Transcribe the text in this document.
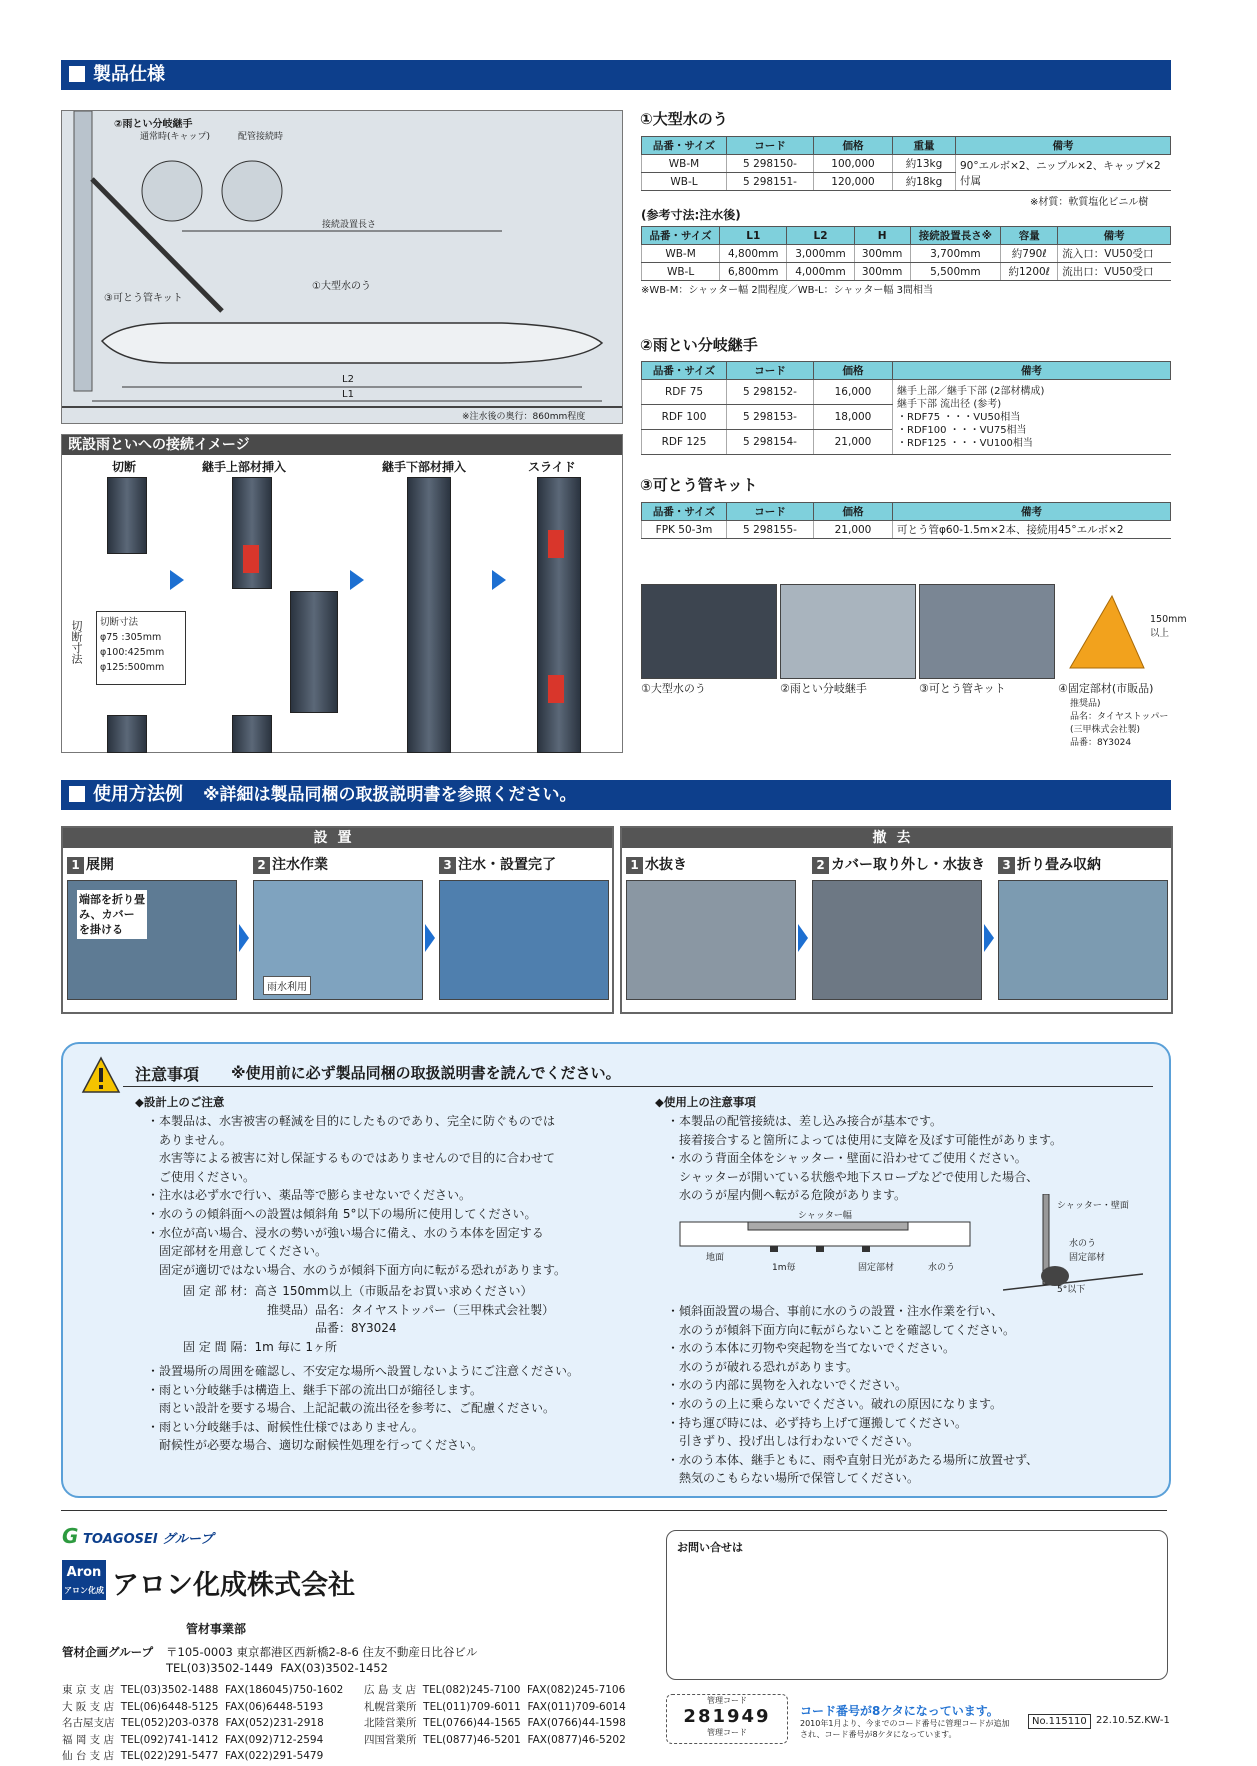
製品仕様
②雨とい分岐継手
通常時(キャップ)	配管接続時
接続設置長さ
③可とう管キット
①大型水のう
L2
L1
※注水後の奥行：860mm程度
既設雨といへの接続イメージ
切断	継手上部材挿入	継手下部材挿入	スライド
切断寸法 切断寸法
φ75 :305mm
φ100:425mm
φ125:500mm
①大型水のう
品番・サイズ	コード	価格	重量	備考
WB-M	5 298150-	100,000	約13kg	90°エルボ×2、ニップル×2、キャップ×2付属
WB-L	5 298151-	120,000	約18kg	
※材質：軟質塩化ビニル樹
(参考寸法:注水後)
品番・サイズ	L1	L2	H	接続設置長さ※	容量	備考
WB-M	4,800mm	3,000mm	300mm	3,700mm	約790ℓ	流入口：VU50受口
WB-L	6,800mm	4,000mm	300mm	5,500mm	約1200ℓ	流出口：VU50受口
※WB-M：シャッター幅 2間程度／WB-L：シャッター幅 3間相当
②雨とい分岐継手
品番・サイズ	コード	価格	備考
RDF 75	5 298152-	16,000	継手上部／継手下部 (2部材構成)
継手下部 流出径 (参考)
・RDF75 ・・・VU50相当
・RDF100 ・・・VU75相当
・RDF125 ・・・VU100相当

RDF 100	5 298153-	18,000	
RDF 125	5 298154-	21,000	
③可とう管キット
品番・サイズ	コード	価格	備考
FPK 50-3m	5 298155-	21,000	可とう管φ60-1.5m×2本、接続用45°エルボ×2
150mm以上
①大型水のう	②雨とい分岐継手	③可とう管キット	④固定部材(市販品)
推奨品)
品名：タイヤストッパー
(三甲株式会社製)
品番：8Y3024
使用方法例 ※詳細は製品同梱の取扱説明書を参照ください。
設置
1 展開	2 注水作業	3 注水・設置完了
端部を折り畳み、カバーを掛ける
雨水利用
撤去
1 水抜き	2 カバー取り外し・水抜き	3 折り畳み収納
注意事項 ※使用前に必ず製品同梱の取扱説明書を読んでください。
◆設計上のご注意
・本製品は、水害被害の軽減を目的にしたものであり、完全に防ぐものでは
　ありません。
　水害等による被害に対し保証するものではありませんので目的に合わせて
　ご使用ください。
・注水は必ず水で行い、薬品等で膨らませないでください。
・水のうの傾斜面への設置は傾斜角 5°以下の場所に使用してください。
・水位が高い場合、浸水の勢いが強い場合に備え、水のう本体を固定する
　固定部材を用意してください。
　固定が適切ではない場合、水のうが傾斜下面方向に転がる恐れがあります。
　　　固 定 部 材：高さ 150mm以上（市販品をお買い求めください）
　　　　　　　　　　推奨品）品名：タイヤストッパー（三甲株式会社製）
　　　　　　　　　　　　　　品番：8Y3024
　　　固 定 間 隔：1m 毎に 1ヶ所
・設置場所の周囲を確認し、不安定な場所へ設置しないようにご注意ください。
・雨とい分岐継手は構造上、継手下部の流出口が縮径します。
　雨とい設計を要する場合、上記記載の流出径を参考に、ご配慮ください。
・雨とい分岐継手は、耐候性仕様ではありません。
　耐候性が必要な場合、適切な耐候性処理を行ってください。
◆使用上の注意事項
・本製品の配管接続は、差し込み接合が基本です。
　接着接合すると箇所によっては使用に支障を及ぼす可能性があります。
・水のう背面全体をシャッター・壁面に沿わせてご使用ください。
　シャッターが開いている状態や地下スロープなどで使用した場合、
　水のうが屋内側へ転がる危険があります。
シャッター幅
地面
1m毎	固定部材	水のう
シャッター・壁面
水のう
固定部材
5°以下
・傾斜面設置の場合、事前に水のうの設置・注水作業を行い、
　水のうが傾斜下面方向に転がらないことを確認してください。
・水のう本体に刃物や突起物を当てないでください。
　水のうが破れる恐れがあります。
・水のう内部に異物を入れないでください。
・水のうの上に乗らないでください。破れの原因になります。
・持ち運び時には、必ず持ち上げて運搬してください。
　引きずり、投げ出しは行わないでください。
・水のう本体、継手ともに、雨や直射日光があたる場所に放置せず、
　熱気のこもらない場所で保管してください。
G TOAGOSEI グループ
Aron
アロン化成 アロン化成株式会社
管材事業部
管材企画グループ 〒105-0003 東京都港区西新橋2-8-6 住友不動産日比谷ビル
TEL(03)3502-1449  FAX(03)3502-1452
東 京 支 店  TEL(03)3502-1488  FAX(186045)750-1602
大 阪 支 店  TEL(06)6448-5125  FAX(06)6448-5193
名古屋支店  TEL(052)203-0378  FAX(052)231-2918
福 岡 支 店  TEL(092)741-1412  FAX(092)712-2594
仙 台 支 店  TEL(022)291-5477  FAX(022)291-5479
広 島 支 店  TEL(082)245-7100  FAX(082)245-7106
札幌営業所  TEL(011)709-6011  FAX(011)709-6014
北陸営業所  TEL(0766)44-1565  FAX(0766)44-1598
四国営業所  TEL(0877)46-5201  FAX(0877)46-5202
お問い合せは
管理コード
281949
管理コード
コード番号が8ケタになっています。
2010年1月より、今までのコード番号に管理コードが追加され、コード番号が8ケタになっています。
No.115110 22.10.5Z.KW-1
